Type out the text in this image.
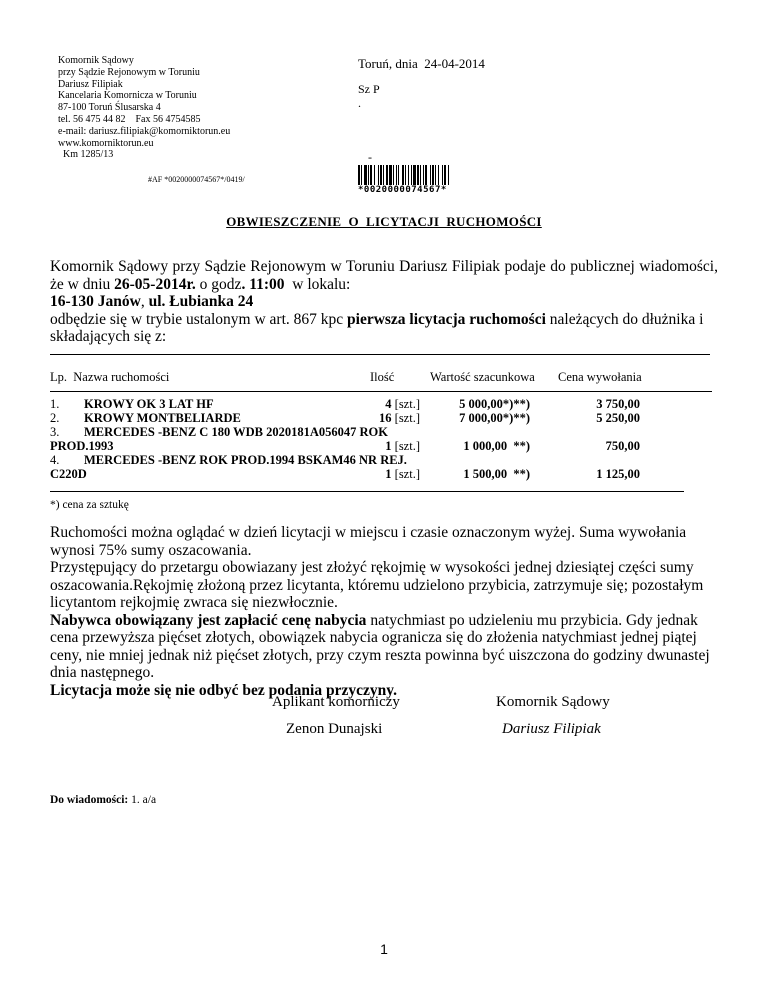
Komornik Sądowy
przy Sądzie Rejonowym w Toruniu
Dariusz Filipiak
Kancelaria Komornicza w Toruniu
87-100 Toruń Ślusarska 4
tel. 56 475 44 82    Fax 56 4754585
e-mail: dariusz.filipiak@komorniktorun.eu
www.komorniktorun.eu
Km 1285/13
Toruń, dnia  24-04-2014
Sz P
.
-
#AF *0020000074567*/0419/
*0020000074567*
OBWIESZCZENIE  O  LICYTACJI  RUCHOMOŚCI

Komornik Sądowy przy Sądzie Rejonowym w Toruniu Dariusz Filipiak podaje do publicznej wiadomości, że w dniu 26-05-2014r. o godz. 11:00  w lokalu:

16-130 Janów, ul. Łubianka 24

odbędzie się w trybie ustalonym w art. 867 kpc pierwsza licytacja ruchomości należących do dłużnika i składających się z:

Lp.  Nazwa ruchomości	Ilość	Wartość szacunkowa Cena wywołania
1. KROWY OK 3 LAT HF	4 [szt.]	5 000,00*)**)	3 750,00
2. KROWY MONTBELIARDE	16 [szt.]	7 000,00*)**)	5 250,00
3. MERCEDES -BENZ C 180 WDB 2020181A056047 ROK
PROD.1993	1 [szt.]	1 000,00  **)	750,00
4. MERCEDES -BENZ ROK PROD.1994 BSKAM46 NR REJ.
C220D	1 [szt.]	1 500,00  **)	1 125,00
*) cena za sztukę

Ruchomości można oglądać w dzień licytacji w miejscu i czasie oznaczonym wyżej. Suma wywołania wynosi 75% sumy oszacowania.

Przystępujący do przetargu obowiazany jest złożyć rękojmię w wysokości jednej dziesiątej części sumy oszacowania.Rękojmię złożoną przez licytanta, któremu udzielono przybicia, zatrzymuje się; pozostałym licytantom rejkojmię zwraca się niezwłocznie.

Nabywca obowiązany jest zapłacić cenę nabycia natychmiast po udzieleniu mu przybicia. Gdy jednak cena przewyższa pięćset złotych, obowiązek nabycia ogranicza się do złożenia natychmiast jednej piątej ceny, nie mniej jednak niż pięćset złotych, przy czym reszta powinna być uiszczona do godziny dwunastej dnia następnego.

Licytacja może się nie odbyć bez podania przyczyny.

Aplikant komorniczy	Komornik Sądowy
Zenon Dunajski	Dariusz Filipiak
Do wiadomości: 1. a/a
1
